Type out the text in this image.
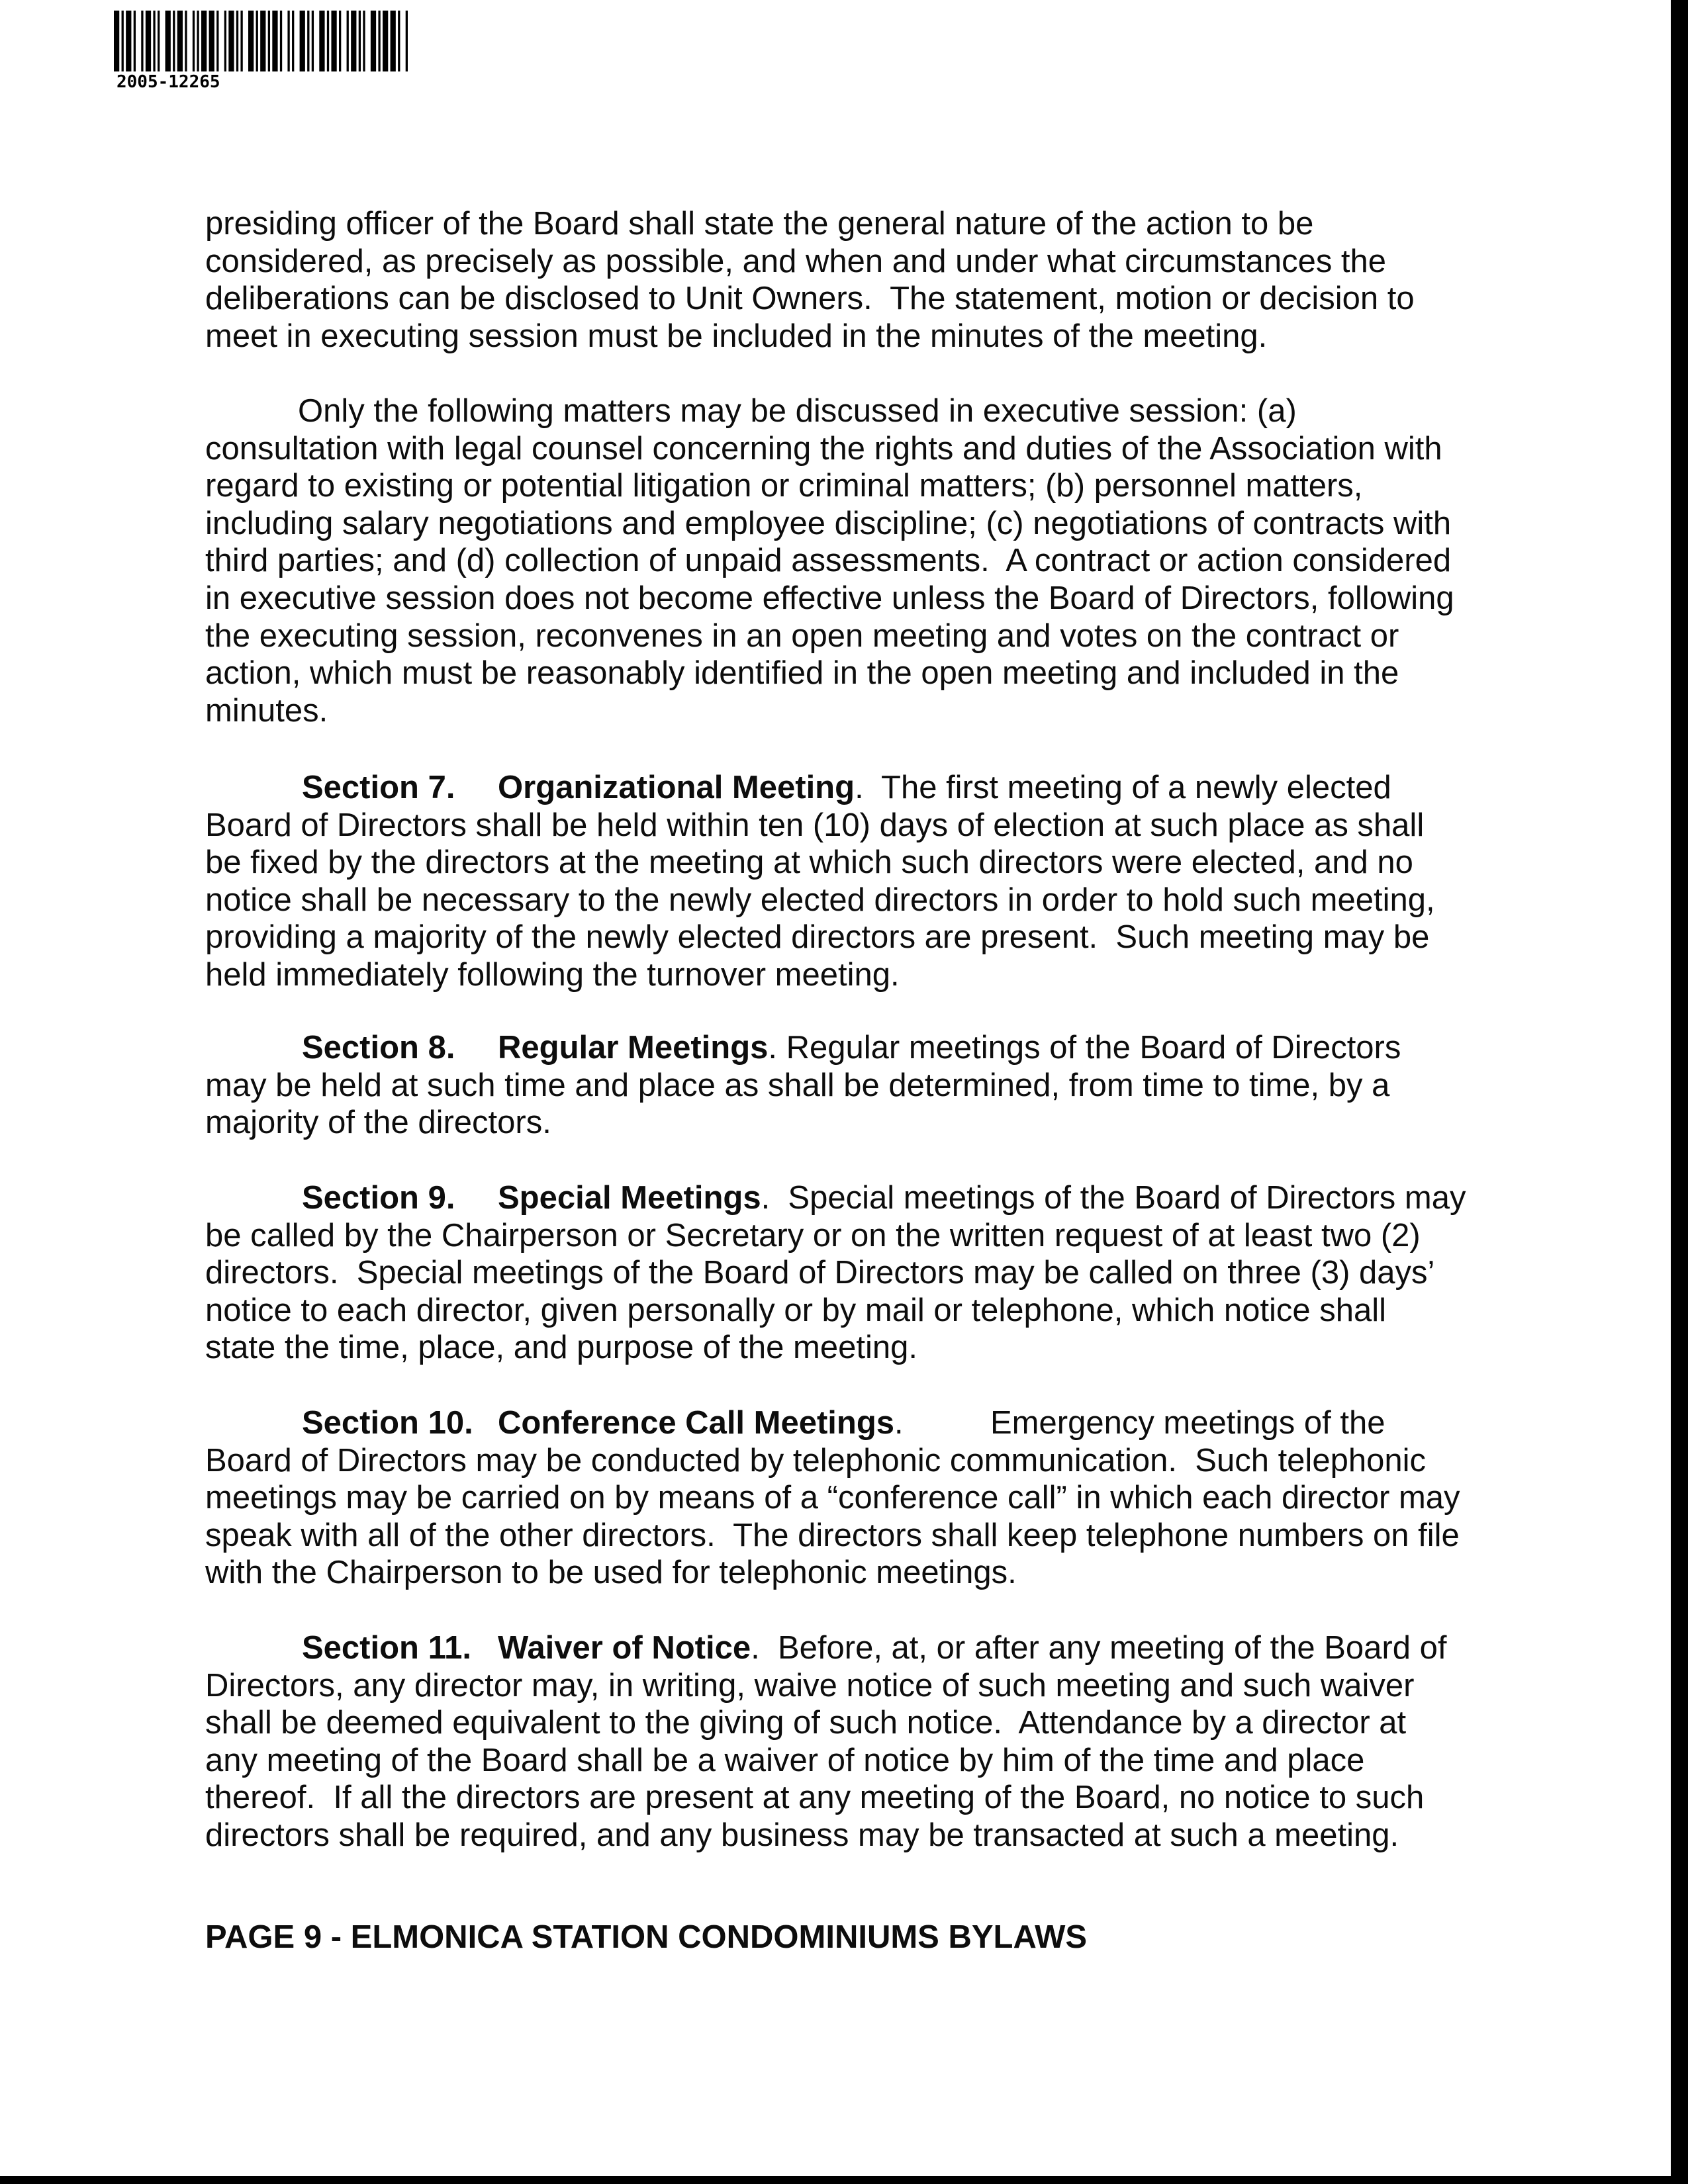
2005-12265
presiding officer of the Board shall state the general nature of the action to be
considered, as precisely as possible, and when and under what circumstances the
deliberations can be disclosed to Unit Owners.  The statement, motion or decision to
meet in executing session must be included in the minutes of the meeting.
Only the following matters may be discussed in executive session: (a)
consultation with legal counsel concerning the rights and duties of the Association with
regard to existing or potential litigation or criminal matters; (b) personnel matters,
including salary negotiations and employee discipline; (c) negotiations of contracts with
third parties; and (d) collection of unpaid assessments.  A contract or action considered
in executive session does not become effective unless the Board of Directors, following
the executing session, reconvenes in an open meeting and votes on the contract or
action, which must be reasonably identified in the open meeting and included in the
minutes.
Section 7. Organizational Meeting.  The first meeting of a newly elected
Board of Directors shall be held within ten (10) days of election at such place as shall
be fixed by the directors at the meeting at which such directors were elected, and no
notice shall be necessary to the newly elected directors in order to hold such meeting,
providing a majority of the newly elected directors are present.  Such meeting may be
held immediately following the turnover meeting.
Section 8. Regular Meetings. Regular meetings of the Board of Directors
may be held at such time and place as shall be determined, from time to time, by a
majority of the directors.
Section 9. Special Meetings.  Special meetings of the Board of Directors may
be called by the Chairperson or Secretary or on the written request of at least two (2)
directors.  Special meetings of the Board of Directors may be called on three (3) days’
notice to each director, given personally or by mail or telephone, which notice shall
state the time, place, and purpose of the meeting.
Section 10. Conference Call Meetings.	Emergency meetings of the
Board of Directors may be conducted by telephonic communication.  Such telephonic
meetings may be carried on by means of a “conference call” in which each director may
speak with all of the other directors.  The directors shall keep telephone numbers on file
with the Chairperson to be used for telephonic meetings.
Section 11. Waiver of Notice.  Before, at, or after any meeting of the Board of
Directors, any director may, in writing, waive notice of such meeting and such waiver
shall be deemed equivalent to the giving of such notice.  Attendance by a director at
any meeting of the Board shall be a waiver of notice by him of the time and place
thereof.  If all the directors are present at any meeting of the Board, no notice to such
directors shall be required, and any business may be transacted at such a meeting.
PAGE 9 - ELMONICA STATION CONDOMINIUMS BYLAWS
